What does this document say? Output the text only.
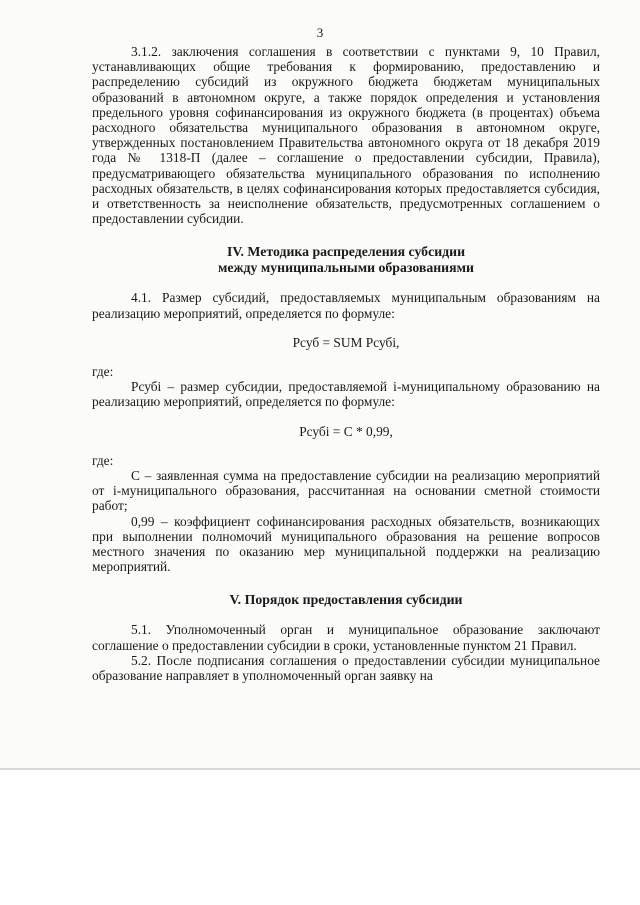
3

3.1.2. заключения соглашения в соответствии с пунктами 9, 10 Правил, устанавливающих общие требования к формированию, предоставлению и распределению субсидий из окружного бюджета бюджетам муниципальных образований в автономном округе, а также порядок определения и установления предельного уровня софинансирования из окружного бюджета (в процентах) объема расходного обязательства муниципального образования в автономном округе, утвержденных постановлением Правительства автономного округа от 18 декабря 2019 года № 1318-П (далее – соглашение о предоставлении субсидии, Правила), предусматривающего обязательства муниципального образования по исполнению расходных обязательств, в целях софинансирования которых предоставляется субсидия, и ответственность за неисполнение обязательств, предусмотренных соглашением о предоставлении субсидии.

IV. Методика распределения субсидии

между муниципальными образованиями

4.1. Размер субсидий, предоставляемых муниципальным образованиям на реализацию мероприятий, определяется по формуле:

Рсуб = SUM Рсубi,

где:

Рсубi – размер субсидии, предоставляемой i-муниципальному образованию на реализацию мероприятий, определяется по формуле:

Рсубi = C * 0,99,

где:

C – заявленная сумма на предоставление субсидии на реализацию мероприятий от i-муниципального образования, рассчитанная на основании сметной стоимости работ;

0,99 – коэффициент софинансирования расходных обязательств, возникающих при выполнении полномочий муниципального образования на решение вопросов местного значения по оказанию мер муниципальной поддержки на реализацию мероприятий.

V. Порядок предоставления субсидии

5.1. Уполномоченный орган и муниципальное образование заключают соглашение о предоставлении субсидии в сроки, установленные пунктом 21 Правил.

5.2. После подписания соглашения о предоставлении субсидии муниципальное образование направляет в уполномоченный орган заявку на
